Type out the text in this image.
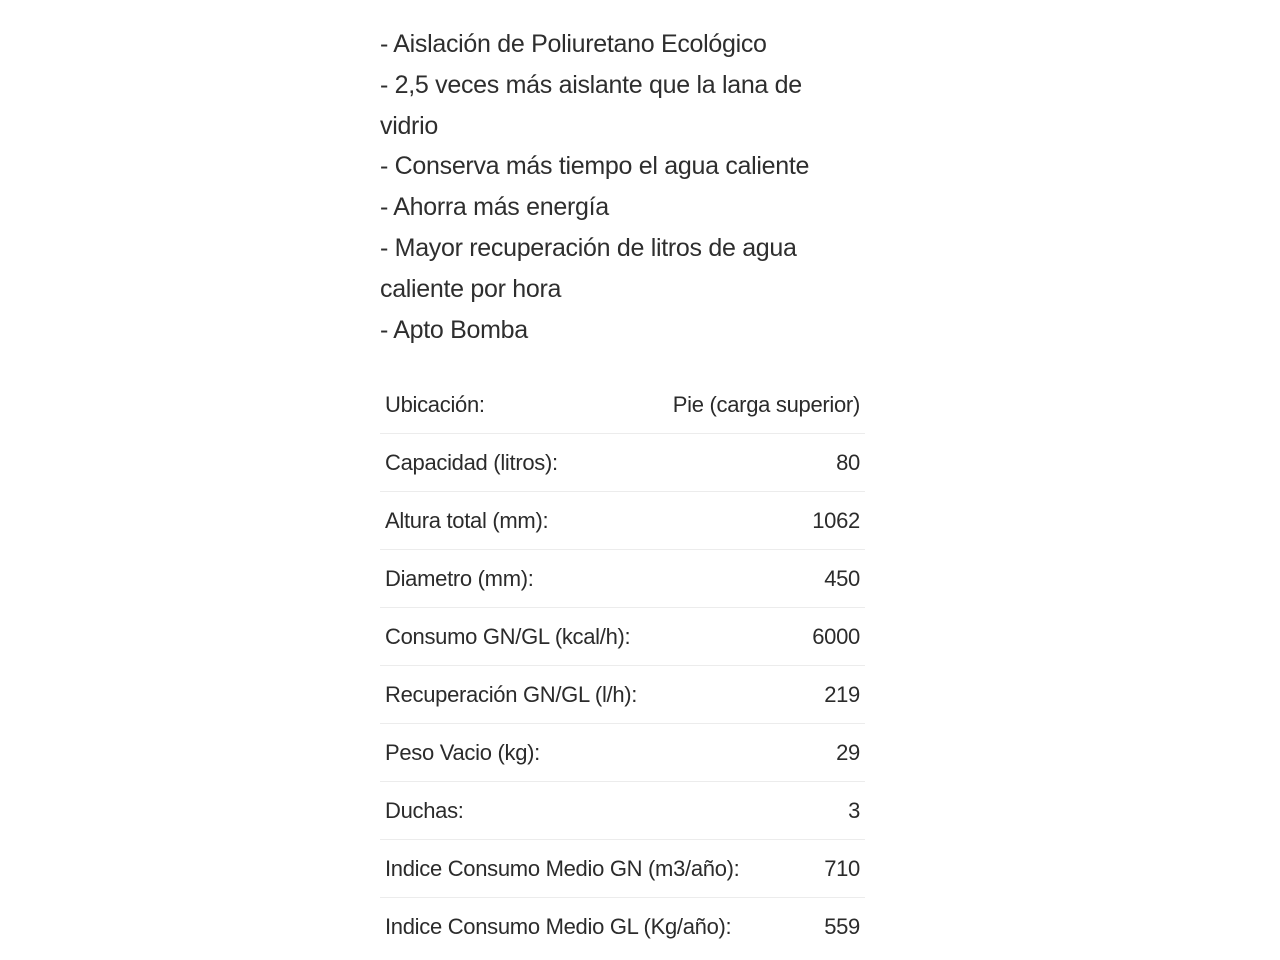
- Aislación de Poliuretano Ecológico
- 2,5 veces más aislante que la lana de vidrio
- Conserva más tiempo el agua caliente
- Ahorra más energía
- Mayor recuperación de litros de agua caliente por hora
- Apto Bomba
Ubicación:	Pie (carga superior)
Capacidad (litros):	80
Altura total (mm):	1062
Diametro (mm):	450
Consumo GN/GL (kcal/h):	6000
Recuperación GN/GL (l/h):	219
Peso Vacio (kg):	29
Duchas:	3
Indice Consumo Medio GN (m3/año):	710
Indice Consumo Medio GL (Kg/año):	559
